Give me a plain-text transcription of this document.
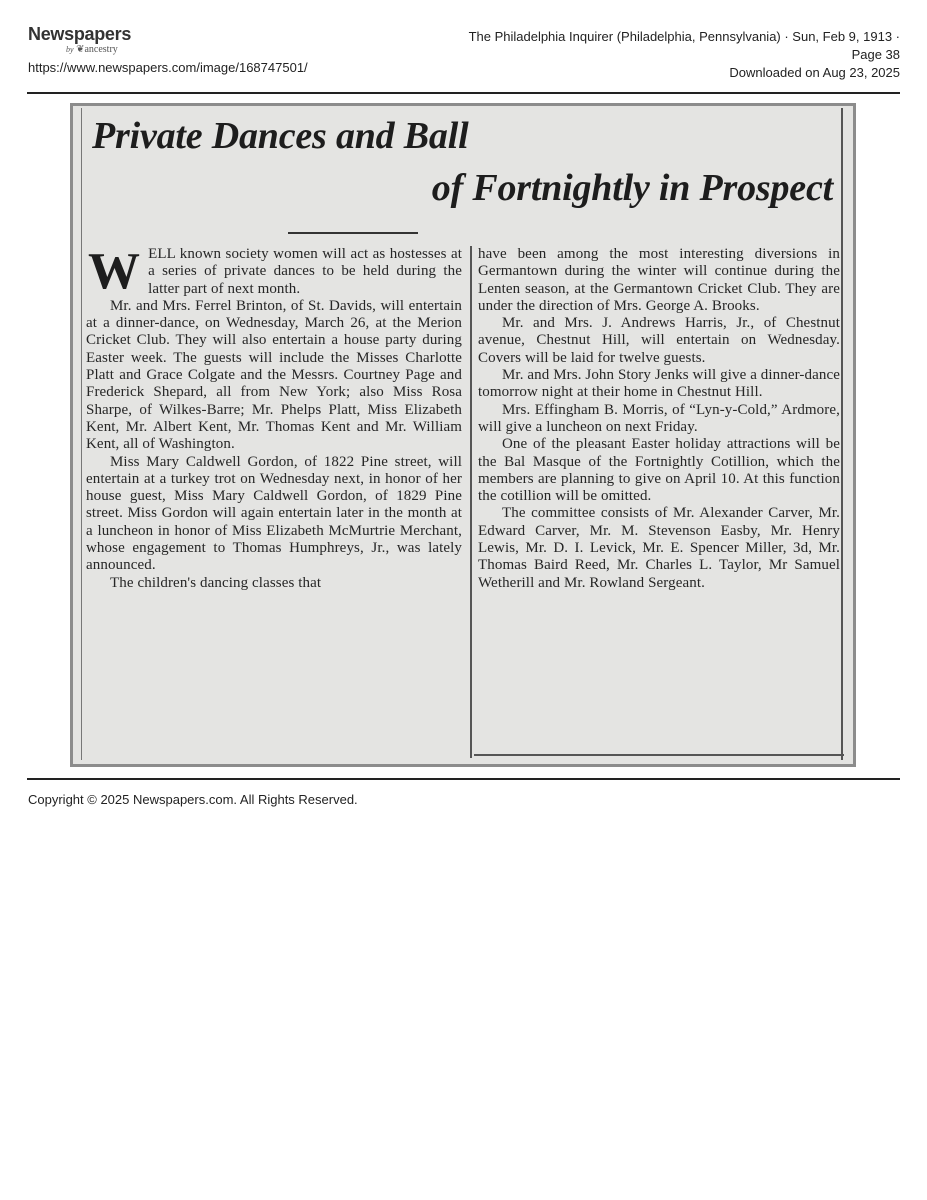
Newspapers
by ❦ancestry
https://www.newspapers.com/image/168747501/
The Philadelphia Inquirer (Philadelphia, Pennsylvania) · Sun, Feb 9, 1913 · Page 38
Downloaded on Aug 23, 2025
Private Dances and Ball
of Fortnightly in Prospect

WELL known society women will act as hostesses at a series of private dances to be held during the latter part of next month.

Mr. and Mrs. Ferrel Brinton, of St. Davids, will entertain at a dinner-dance, on Wednesday, March 26, at the Merion Cricket Club. They will also entertain a house party during Easter week. The guests will include the Misses Charlotte Platt and Grace Colgate and the Messrs. Courtney Page and Frederick Shepard, all from New York; also Miss Rosa Sharpe, of Wilkes-Barre; Mr. Phelps Platt, Miss Elizabeth Kent, Mr. Albert Kent, Mr. Thomas Kent and Mr. William Kent, all of Washington.

Miss Mary Caldwell Gordon, of 1822 Pine street, will entertain at a turkey trot on Wednesday next, in honor of her house guest, Miss Mary Caldwell Gordon, of 1829 Pine street. Miss Gordon will again entertain later in the month at a luncheon in honor of Miss Elizabeth McMurtrie Merchant, whose engagement to Thomas Humphreys, Jr., was lately announced.

The children's dancing classes that

have been among the most interesting diversions in Germantown during the winter will continue during the Lenten season, at the Germantown Cricket Club. They are under the direction of Mrs. George A. Brooks.

Mr. and Mrs. J. Andrews Harris, Jr., of Chestnut avenue, Chestnut Hill, will entertain on Wednesday. Covers will be laid for twelve guests.

Mr. and Mrs. John Story Jenks will give a dinner-dance tomorrow night at their home in Chestnut Hill.

Mrs. Effingham B. Morris, of “Lyn-y-Cold,” Ardmore, will give a luncheon on next Friday.

One of the pleasant Easter holiday attractions will be the Bal Masque of the Fortnightly Cotillion, which the members are planning to give on April 10. At this function the cotillion will be omitted.

The committee consists of Mr. Alexander Carver, Mr. Edward Carver, Mr. M. Stevenson Easby, Mr. Henry Lewis, Mr. D. I. Levick, Mr. E. Spencer Miller, 3d, Mr. Thomas Baird Reed, Mr. Charles L. Taylor, Mr Samuel Wetherill and Mr. Rowland Sergeant.

Copyright © 2025 Newspapers.com. All Rights Reserved.
